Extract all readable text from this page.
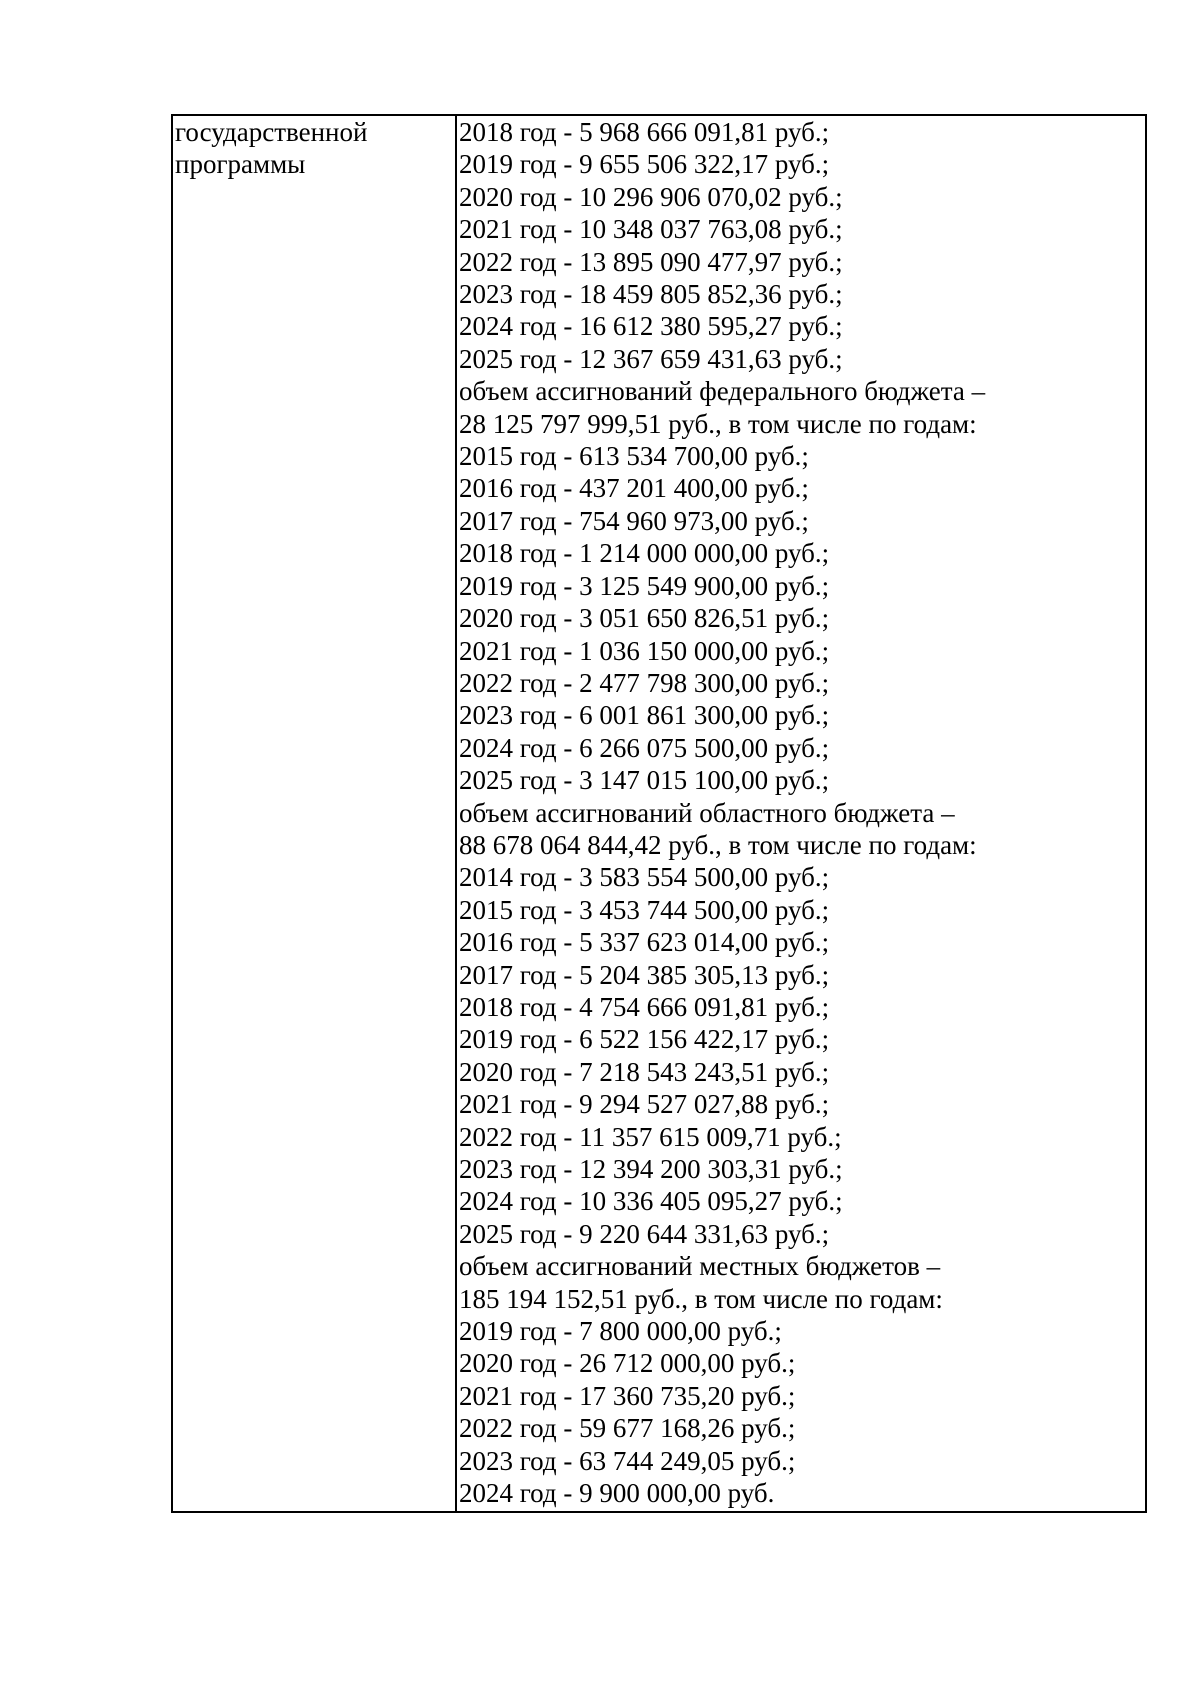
государственной
программы

2018 год - 5 968 666 091,81 руб.;
2019 год - 9 655 506 322,17 руб.;
2020 год - 10 296 906 070,02 руб.;
2021 год - 10 348 037 763,08 руб.;
2022 год - 13 895 090 477,97 руб.;
2023 год - 18 459 805 852,36 руб.;
2024 год - 16 612 380 595,27 руб.;
2025 год - 12 367 659 431,63 руб.;
объем ассигнований федерального бюджета –
28 125 797 999,51 руб., в том числе по годам:
2015 год - 613 534 700,00 руб.;
2016 год - 437 201 400,00 руб.;
2017 год - 754 960 973,00 руб.;
2018 год - 1 214 000 000,00 руб.;
2019 год - 3 125 549 900,00 руб.;
2020 год - 3 051 650 826,51 руб.;
2021 год - 1 036 150 000,00 руб.;
2022 год - 2 477 798 300,00 руб.;
2023 год - 6 001 861 300,00 руб.;
2024 год - 6 266 075 500,00 руб.;
2025 год - 3 147 015 100,00 руб.;
объем ассигнований областного бюджета –
88 678 064 844,42 руб., в том числе по годам:
2014 год - 3 583 554 500,00 руб.;
2015 год - 3 453 744 500,00 руб.;
2016 год - 5 337 623 014,00 руб.;
2017 год - 5 204 385 305,13 руб.;
2018 год - 4 754 666 091,81 руб.;
2019 год - 6 522 156 422,17 руб.;
2020 год - 7 218 543 243,51 руб.;
2021 год - 9 294 527 027,88 руб.;
2022 год - 11 357 615 009,71 руб.;
2023 год - 12 394 200 303,31 руб.;
2024 год - 10 336 405 095,27 руб.;
2025 год - 9 220 644 331,63 руб.;
объем ассигнований местных бюджетов –
185 194 152,51 руб., в том числе по годам:
2019 год - 7 800 000,00 руб.;
2020 год - 26 712 000,00 руб.;
2021 год - 17 360 735,20 руб.;
2022 год - 59 677 168,26 руб.;
2023 год - 63 744 249,05 руб.;
2024 год - 9 900 000,00 руб.
